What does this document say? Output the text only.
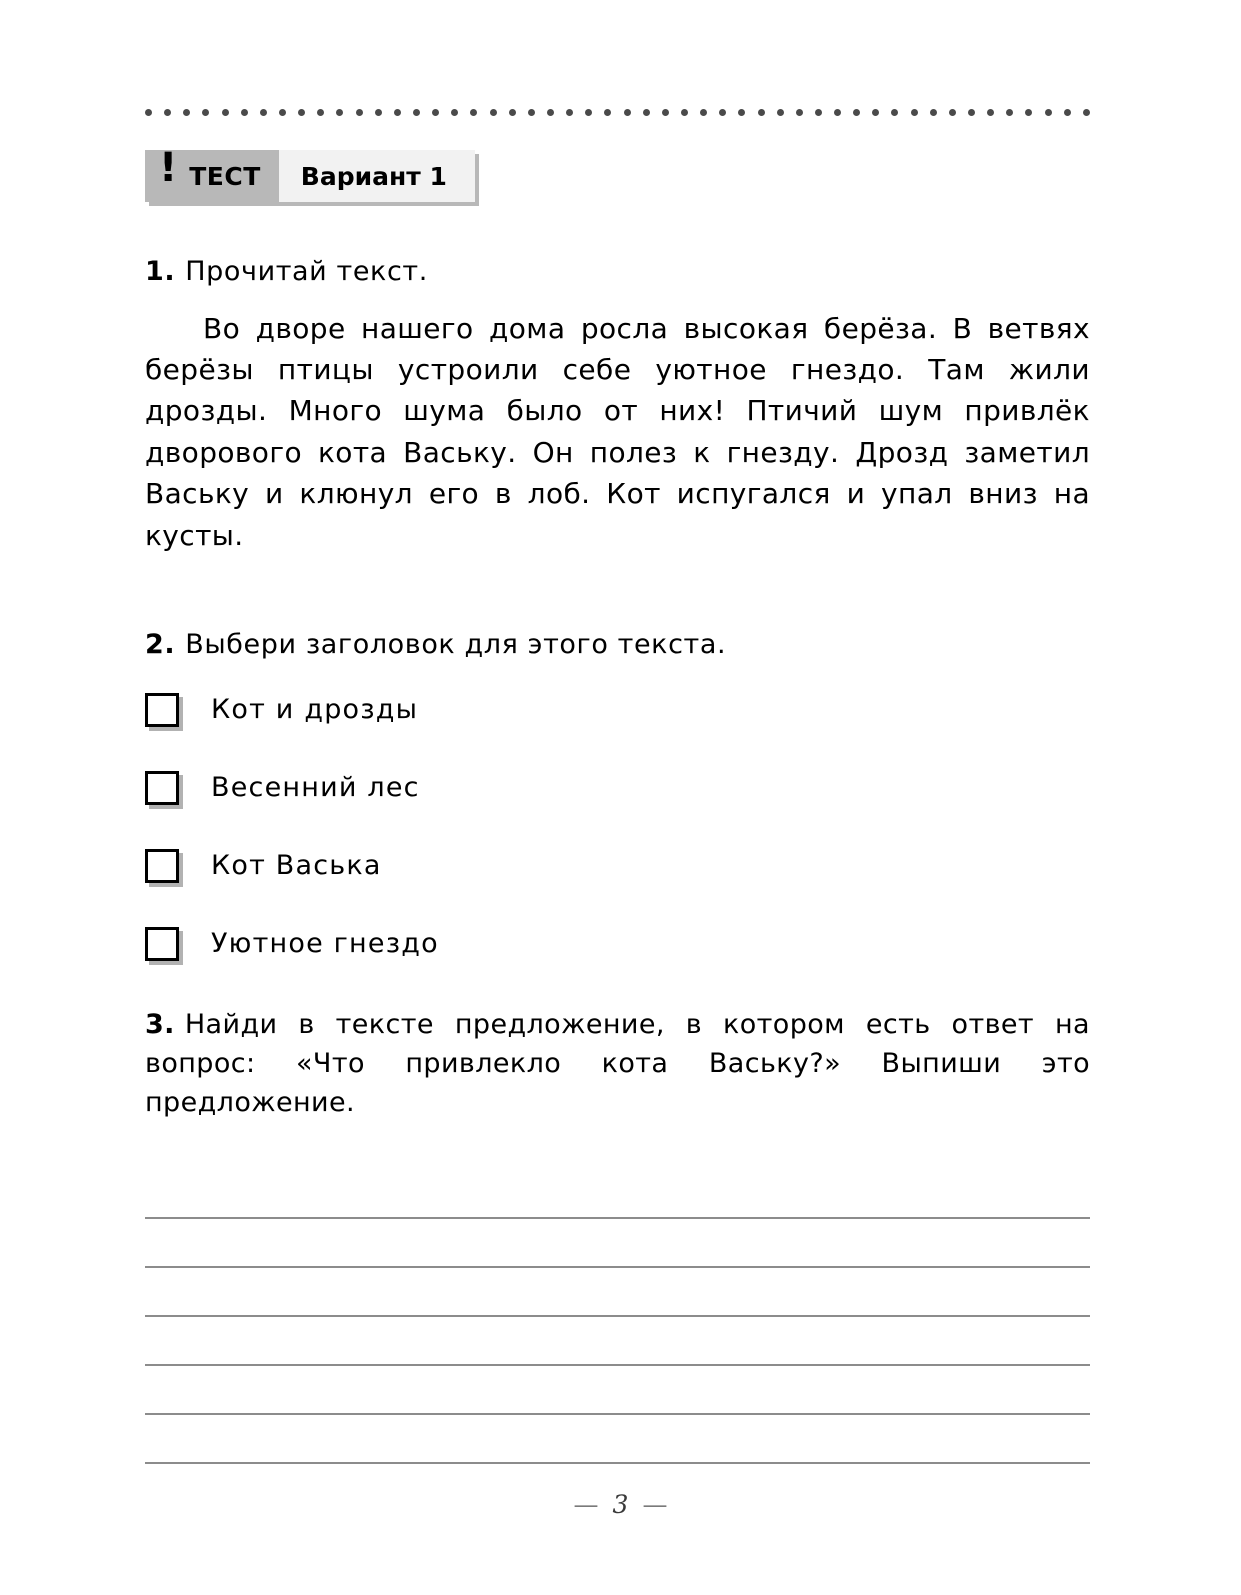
! ТЕСТ Вариант 1
1. Прочитай текст.

Во дворе нашего дома росла высокая берёза. В ветвях берёзы птицы устроили себе уютное гнездо. Там жили дрозды. Много шума было от них! Птичий шум привлёк дворового кота Ваську. Он полез к гнезду. Дрозд заметил Ваську и клюнул его в лоб. Кот испугался и упал вниз на кусты.

2. Выбери заголовок для этого текста.
Кот и дрозды
Весенний лес
Кот Васька
Уютное гнездо

3. Найди в тексте предложение, в котором есть ответ на вопрос: «Что привлекло кота Ваську?» Выпиши это предложение.

— 3 —
